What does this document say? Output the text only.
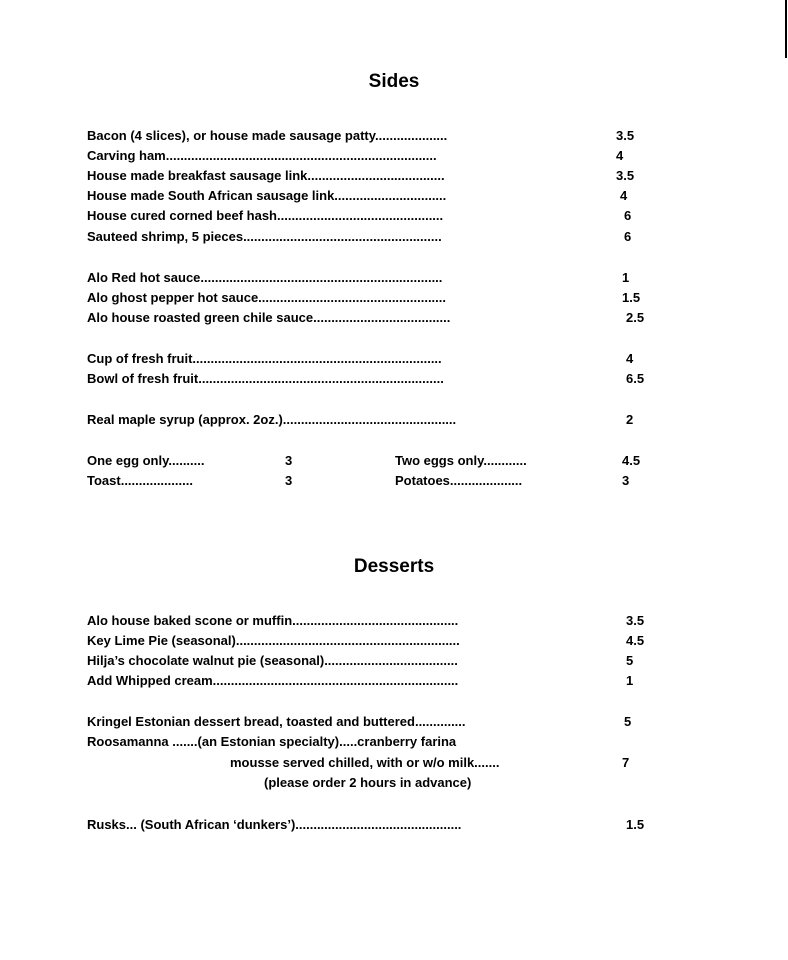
Sides
Bacon (4 slices), or house made sausage patty....................	3.5
Carving ham...........................................................................	4
House made breakfast sausage link......................................	3.5
House made South African sausage link...............................	4
House cured corned beef hash..............................................	6
Sauteed shrimp, 5 pieces.......................................................	6
Alo Red hot sauce...................................................................	1
Alo ghost pepper hot sauce....................................................	1.5
Alo house roasted green chile sauce......................................	2.5
Cup of fresh fruit.....................................................................	4
Bowl of fresh fruit....................................................................	6.5
Real maple syrup (approx. 2oz.)................................................	2
One egg only..........	3	Two eggs only............	4.5
Toast....................	3	Potatoes....................	3
Desserts
Alo house baked scone or muffin..............................................	3.5
Key Lime Pie (seasonal)..............................................................	4.5
Hilja’s chocolate walnut pie (seasonal).....................................	5
Add Whipped cream....................................................................	1
Kringel Estonian dessert bread, toasted and buttered..............	5
Roosamanna .......(an Estonian specialty).....cranberry farina
mousse served chilled, with or w/o milk.......	7
(please order 2 hours in advance)
Rusks... (South African ‘dunkers’)..............................................	1.5
